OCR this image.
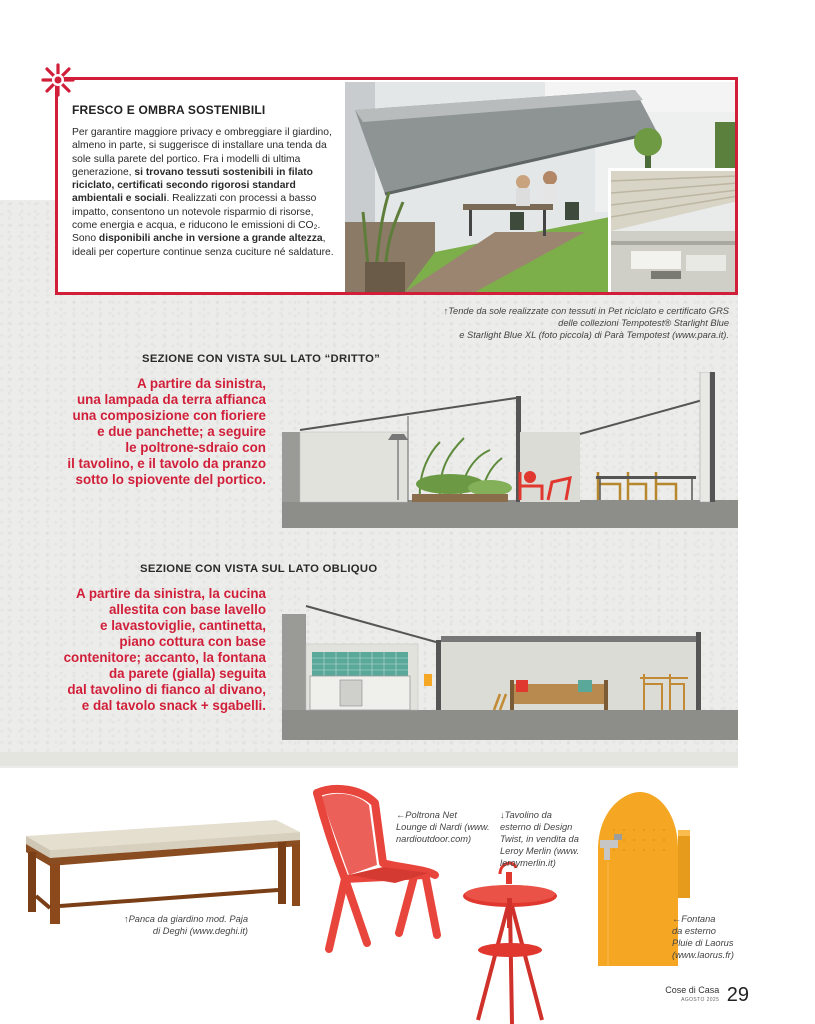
FRESCO E OMBRA SOSTENIBILI
Per garantire maggiore privacy e ombreggiare il giardino, almeno in parte, si suggerisce di installare una tenda da sole sulla parete del portico. Fra i modelli di ultima generazione, si trovano tessuti sostenibili in filato riciclato, certificati secondo rigorosi standard ambientali e sociali. Realizzati con processi a basso impatto, consentono un notevole risparmio di risorse, come energia e acqua, e riducono le emissioni di CO₂. Sono disponibili anche in versione a grande altezza, ideali per coperture continue senza cuciture né saldature.
↑Tende da sole realizzate con tessuti in Pet riciclato e certificato GRS
delle collezioni Tempotest® Starlight Blue
e Starlight Blue XL (foto piccola) di Parà Tempotest (www.para.it).
SEZIONE CON VISTA SUL LATO “DRITTO”
A partire da sinistra,
una lampada da terra affianca
una composizione con fioriere
e due panchette; a seguire
le poltrone-sdraio con
il tavolino, e il tavolo da pranzo
sotto lo spiovente del portico.
SEZIONE CON VISTA SUL LATO OBLIQUO
A partire da sinistra, la cucina
allestita con base lavello
e lavastoviglie, cantinetta,
piano cottura con base
contenitore; accanto, la fontana
da parete (gialla) seguita
dal tavolino di fianco al divano,
e dal tavolo snack + sgabelli.
↑Panca da giardino mod. Paja
di Deghi (www.deghi.it)
←Poltrona Net
Lounge di Nardi (www.
nardioutdoor.com)
↓Tavolino da
esterno di Design
Twist, in vendita da
Leroy Merlin (www.
leroymerlin.it)
←Fontana
da esterno
Pluie di Laorus
(www.laorus.fr)
Cose di Casa
AGOSTO 2025 29
